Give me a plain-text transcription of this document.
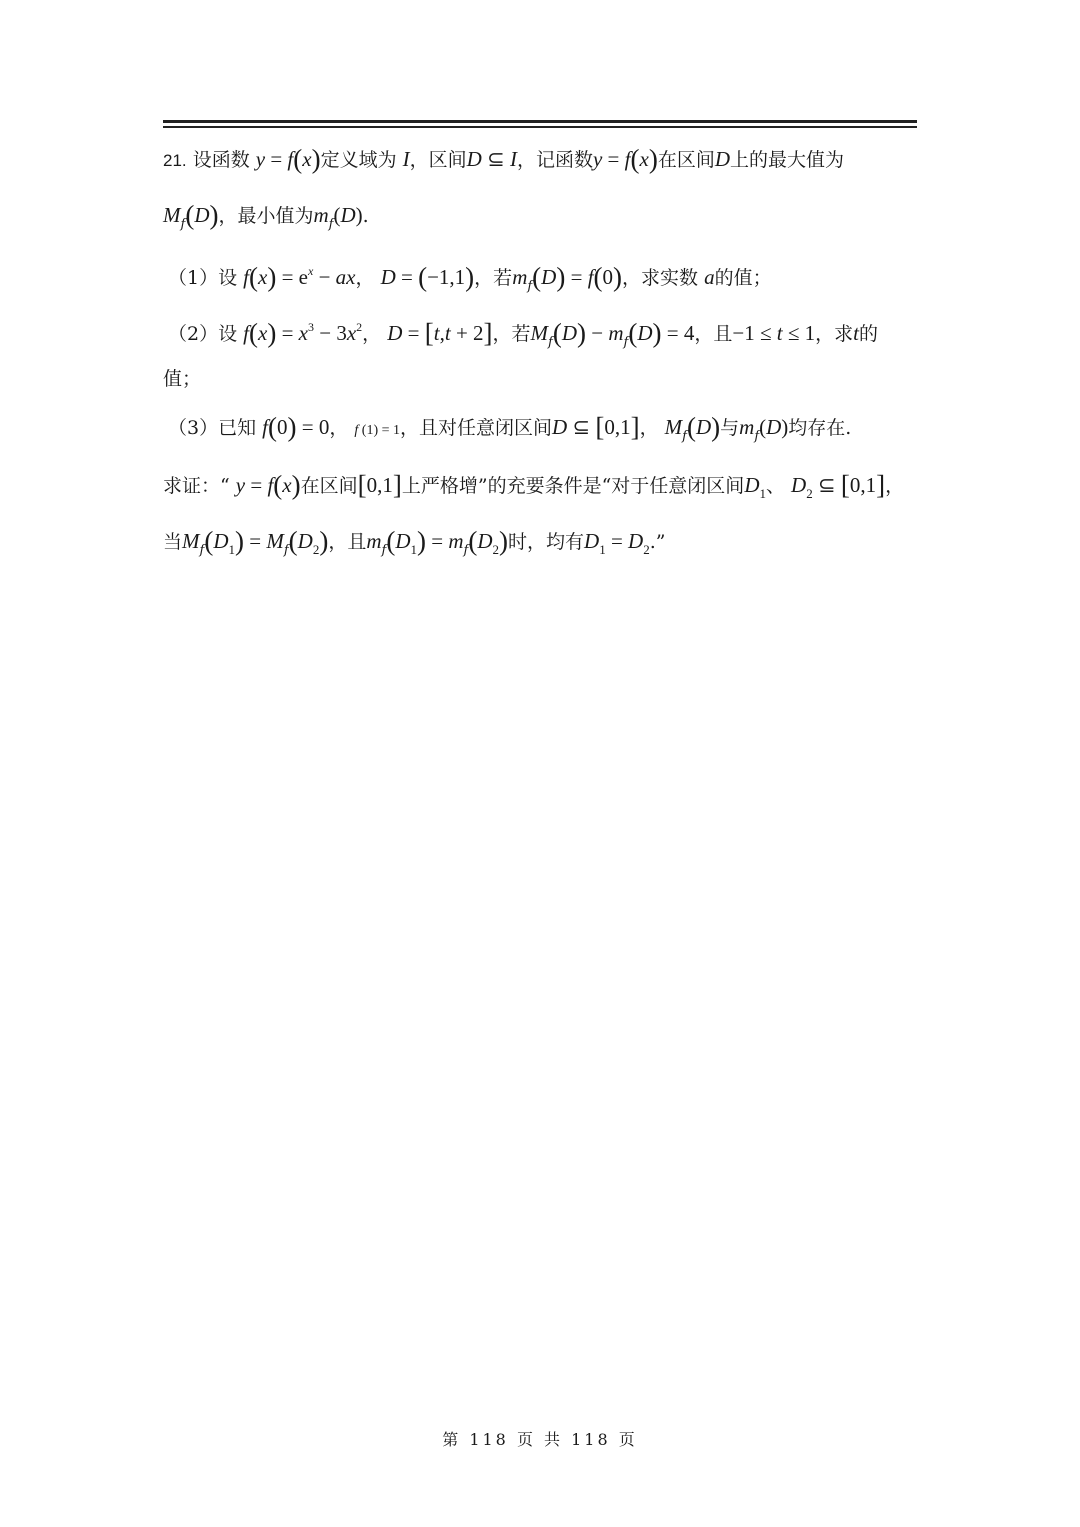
21. 设函数 y = f(x)定义域为 I，区间D ⊆ I，记函数y = f(x)在区间D上的最大值为
$M_f(D)$，最小值为$m_f(D)$.
（1）设 $f(x) = e^x$ − ax， D = (−1,1)，若$m_f(D) = f(0)$，求实数 a的值；
（2）设 $f(x) = x^3 - 3x^2$， D = [t,t + 2]，若$M_f(D) - m_f(D) = 4$，且−1 ≤ t ≤ 1，求t的
值；
（3）已知 f(0) = 0， f (1) = 1，且对任意闭区间D ⊆ [0,1]， $M_f(D)$与$m_f(D)$均存在.
求证：“ y = f(x)在区间[0,1]上严格增”的充要条件是“对于任意闭区间$D_1$、 $D_2$ ⊆ [0,1]，
当$M_f(D_1) = M_f(D_2)$，且$m_f(D_1) = m_f(D_2)$时，均有$D_1 = D_2$.”
第 118 页 共 118 页
